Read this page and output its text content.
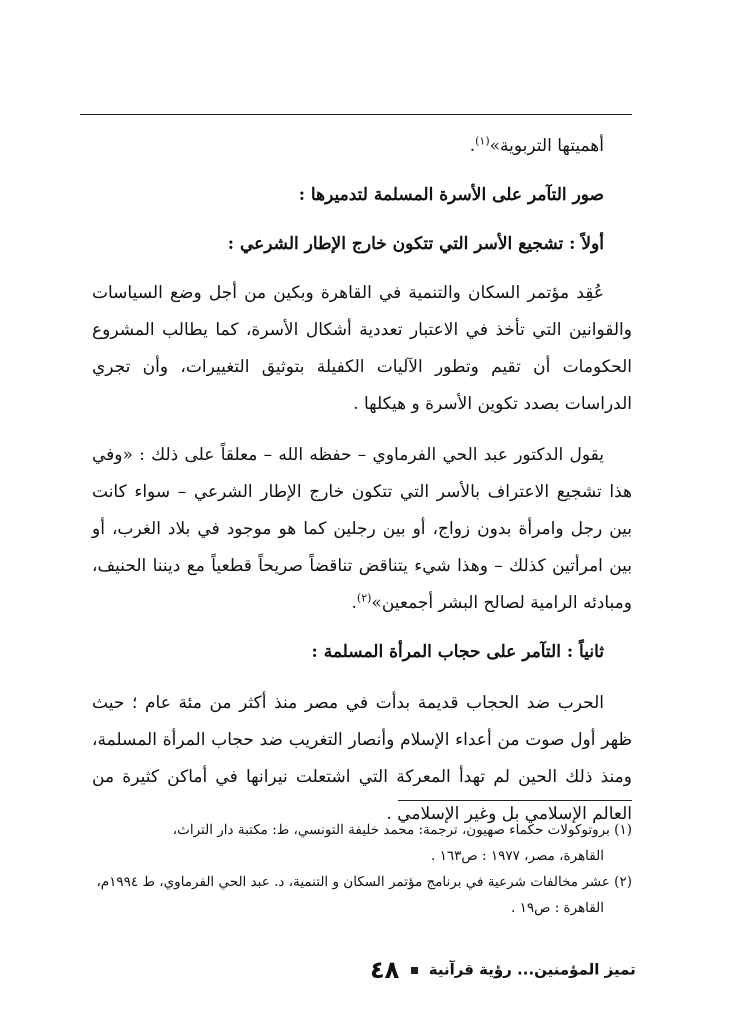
أهميتها التربوية»$^{(١)}$.

صور التآمر على الأسرة المسلمة لتدميرها :

أولاً : تشجيع الأسر التي تتكون خارج الإطار الشرعي :

عُقِد مؤتمر السكان والتنمية في القاهرة وبكين من أجل وضع السياسات والقوانين التي تأخذ في الاعتبار تعددية أشكال الأسرة، كما يطالب المشروع الحكومات أن تقيم وتطور الآليات الكفيلة بتوثيق التغييرات، وأن تجري الدراسات بصدد تكوين الأسرة و هيكلها .

يقول الدكتور عبد الحي الفرماوي – حفظه الله – معلقاً على ذلك : «وفي هذا تشجيع الاعتراف بالأسر التي تتكون خارج الإطار الشرعي – سواء كانت بين رجل وامرأة بدون زواج، أو بين رجلين كما هو موجود في بلاد الغرب، أو بين امرأتين كذلك – وهذا شيء يتناقض تناقضاً صريحاً قطعياً مع ديننا الحنيف، ومبادئه الرامية لصالح البشر أجمعين»$^{(٢)}$.

ثانياً : التآمر على حجاب المرأة المسلمة :

الحرب ضد الحجاب قديمة بدأت في مصر منذ أكثر من مئة عام ؛ حيث ظهر أول صوت من أعداء الإسلام وأنصار التغريب ضد حجاب المرأة المسلمة، ومنذ ذلك الحين لم تهدأ المعركة التي اشتعلت نيرانها في أماكن كثيرة من العالم الإسلامي بل وغير الإسلامي .

(١) بروتوكولات حكماء صهيون، ترجمة: محمد خليفة التونسي، ط: مكتبة دار التراث،
القاهرة، مصر، ١٩٧٧ : ص١٦٣ .

(٢) عشر مخالفات شرعية في برنامج مؤتمر السكان و التنمية، د. عبد الحي الفرماوي، ط ١٩٩٤م،
القاهرة : ص١٩ .

تميز المؤمنين... رؤية قرآنية  ٤٨
